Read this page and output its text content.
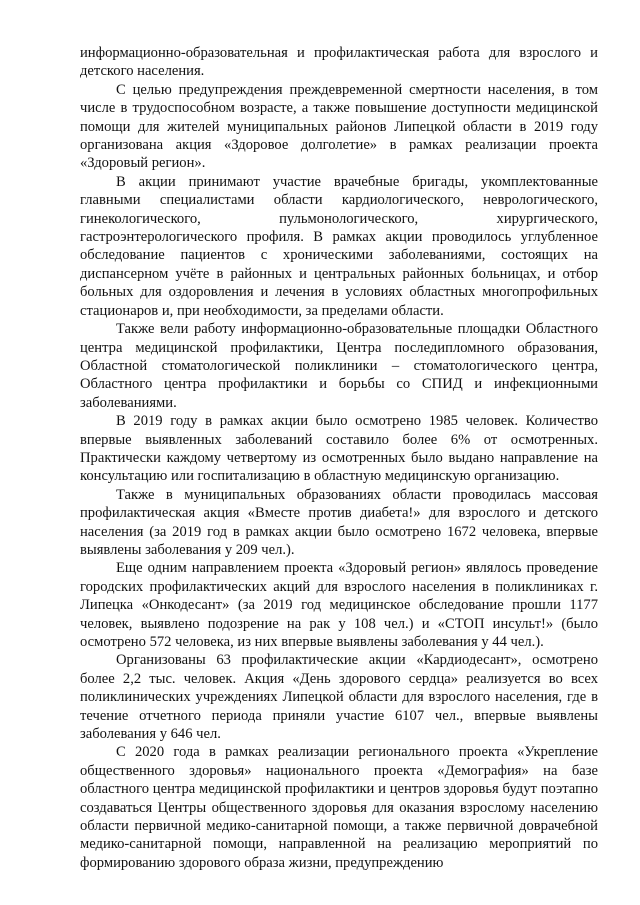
информационно-образовательная и профилактическая работа для взрослого и детского населения.

С целью предупреждения преждевременной смертности населения, в том числе в трудоспособном возрасте, а также повышение доступности медицинской помощи для жителей муниципальных районов Липецкой области в 2019 году организована акция «Здоровое долголетие» в рамках реализации проекта «Здоровый регион».

В акции принимают участие врачебные бригады, укомплектованные главными специалистами области кардиологического, неврологического, гинекологического, пульмонологического, хирургического, гастроэнтерологического профиля. В рамках акции проводилось углубленное обследование пациентов с хроническими заболеваниями, состоящих на диспансерном учёте в районных и центральных районных больницах, и отбор больных для оздоровления и лечения в условиях областных многопрофильных стационаров и, при необходимости, за пределами области.

Также вели работу информационно-образовательные площадки Областного центра медицинской профилактики, Центра последипломного образования, Областной стоматологической поликлиники – стоматологического центра, Областного центра профилактики и борьбы со СПИД и инфекционными заболеваниями.

В 2019 году в рамках акции было осмотрено 1985 человек. Количество впервые выявленных заболеваний составило более 6% от осмотренных. Практически каждому четвертому из осмотренных было выдано направление на консультацию или госпитализацию в областную медицинскую организацию.

Также в муниципальных образованиях области проводилась массовая профилактическая акция «Вместе против диабета!» для взрослого и детского населения (за 2019 год в рамках акции было осмотрено 1672 человека, впервые выявлены заболевания у 209 чел.).

Еще одним направлением проекта «Здоровый регион» являлось проведение городских профилактических акций для взрослого населения в поликлиниках г. Липецка «Онкодесант» (за 2019 год медицинское обследование прошли 1177 человек, выявлено подозрение на рак у 108 чел.) и «СТОП инсульт!» (было осмотрено 572 человека, из них впервые выявлены заболевания у 44 чел.).

Организованы 63 профилактические акции «Кардиодесант», осмотрено более 2,2 тыс. человек. Акция «День здорового сердца» реализуется во всех поликлинических учреждениях Липецкой области для взрослого населения, где в течение отчетного периода приняли участие 6107 чел., впервые выявлены заболевания у 646 чел.

С 2020 года в рамках реализации регионального проекта «Укрепление общественного здоровья» национального проекта «Демография» на базе областного центра медицинской профилактики и центров здоровья будут поэтапно создаваться Центры общественного здоровья для оказания взрослому населению области первичной медико-санитарной помощи, а также первичной доврачебной медико-санитарной помощи, направленной на реализацию мероприятий по формированию здорового образа жизни, предупреждению
